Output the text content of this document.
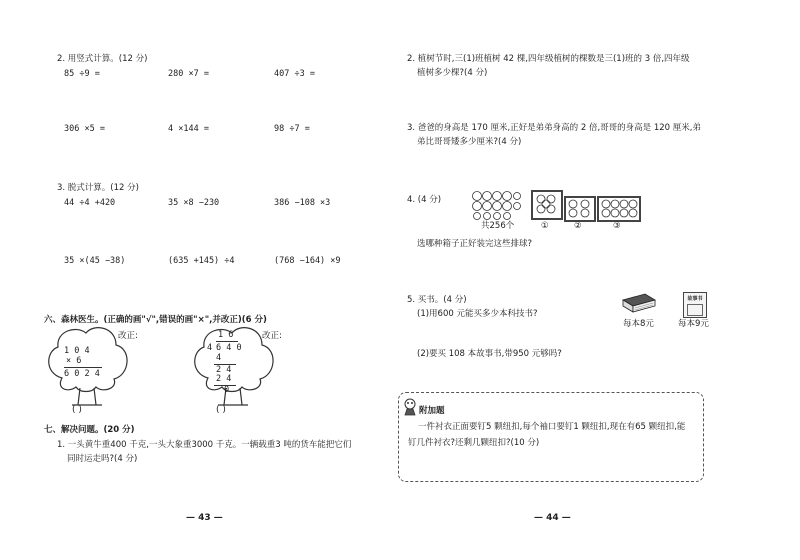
2. 用竖式计算。(12 分)
85 ÷9 =	280 ×7 =	407 ÷3 =
306 ×5 =	4 ×144 =	98 ÷7 =
3. 脱式计算。(12 分)
44 ÷4 +420	35 ×8 −230	386 −108 ×3
35 ×(45 −38)	(635 +145) ÷4	(768 −164) ×9
六、森林医生。(正确的画"√",错误的画"×",并改正)(6 分)
1 0 4
× 6
6 0 2 4
改正:
( )
1 6
4 6 4 0
4
2 4
2 4
0
改正:
( )
七、解决问题。(20 分)
1. 一头黄牛重400 千克,一头大象重3000 千克。一辆载重3 吨的货车能把它们
同时运走吗?(4 分)
— 43 —
2. 植树节时,三(1)班植树 42 棵,四年级植树的棵数是三(1)班的 3 倍,四年级
植树多少棵?(4 分)
3. 爸爸的身高是 170 厘米,正好是弟弟身高的 2 倍,哥哥的身高是 120 厘米,弟
弟比哥哥矮多少厘米?(4 分)
4. (4 分)
共256个	①	②	③
选哪种箱子正好装完这些排球?
5. 买书。(4 分)
(1)用600 元能买多少本科技书?
(2)要买 108 本故事书,带950 元够吗?
每本8元
故事书
每本9元
附加题
一件衬衣正面要钉5 颗纽扣,每个袖口要钉1 颗纽扣,现在有65 颗纽扣,能
钉几件衬衣?还剩几颗纽扣?(10 分)
— 44 —
